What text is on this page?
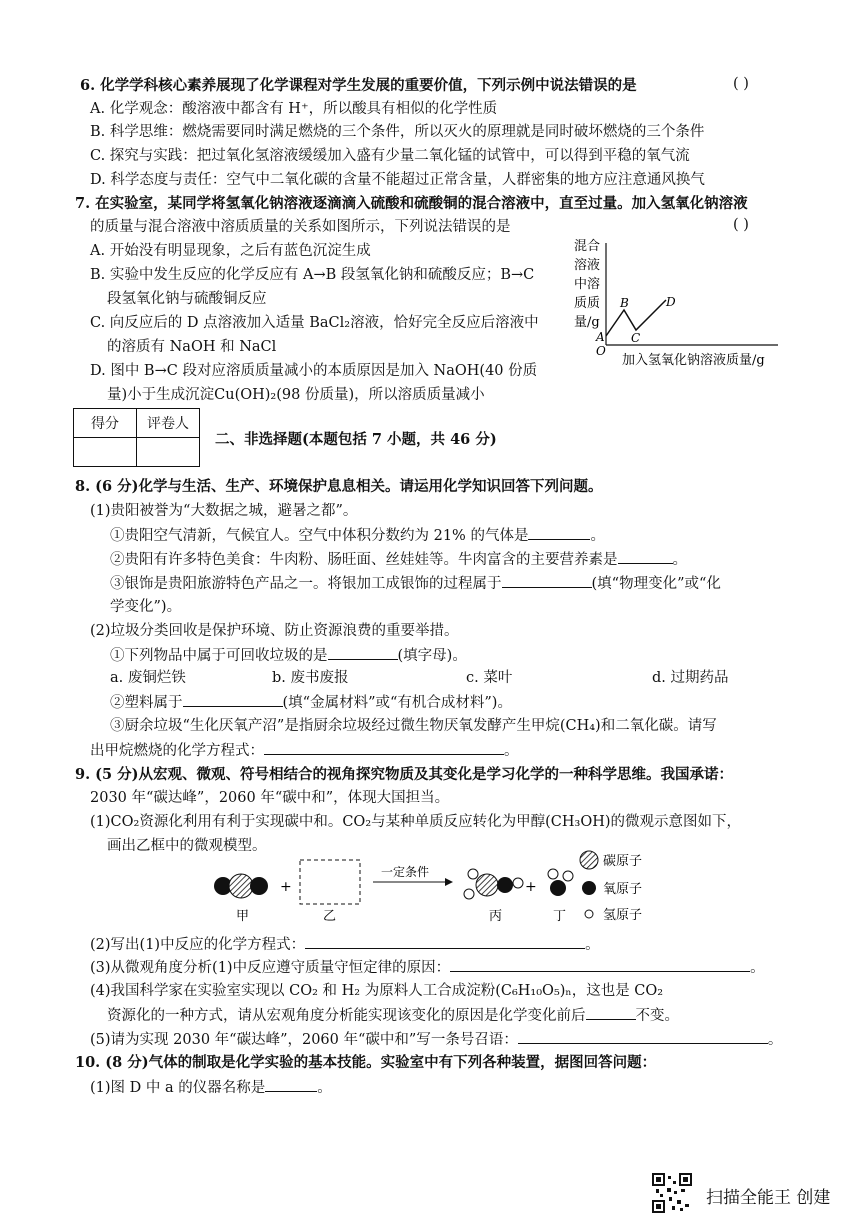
6. 化学学科核心素养展现了化学课程对学生发展的重要价值，下列示例中说法错误的是	( )
A. 化学观念：酸溶液中都含有 H⁺，所以酸具有相似的化学性质
B. 科学思维：燃烧需要同时满足燃烧的三个条件，所以灭火的原理就是同时破坏燃烧的三个条件
C. 探究与实践：把过氧化氢溶液缓缓加入盛有少量二氧化锰的试管中，可以得到平稳的氧气流
D. 科学态度与责任：空气中二氧化碳的含量不能超过正常含量，人群密集的地方应注意通风换气
7. 在实验室，某同学将氢氧化钠溶液逐滴滴入硫酸和硫酸铜的混合溶液中，直至过量。加入氢氧化钠溶液
的质量与混合溶液中溶质质量的关系如图所示，下列说法错误的是	( )
A. 开始没有明显现象，之后有蓝色沉淀生成
B. 实验中发生反应的化学反应有 A→B 段氢氧化钠和硫酸反应；B→C
段氢氧化钠与硫酸铜反应
C. 向反应后的 D 点溶液加入适量 BaCl₂溶液，恰好完全反应后溶液中
的溶质有 NaOH 和 NaCl
D. 图中 B→C 段对应溶质质量减小的本质原因是加入 NaOH(40 份质
量)小于生成沉淀Cu(OH)₂(98 份质量)，所以溶质质量减小
混合
溶液
中溶
质质
量/g
A
B
C
D
O
加入氢氧化钠溶液质量/g
得分	评卷人

二、非选择题(本题包括 7 小题，共 46 分)
8. (6 分)化学与生活、生产、环境保护息息相关。请运用化学知识回答下列问题。
(1)贵阳被誉为“大数据之城，避暑之都”。
①贵阳空气清新，气候宜人。空气中体积分数约为 21% 的气体是	。
②贵阳有许多特色美食：牛肉粉、肠旺面、丝娃娃等。牛肉富含的主要营养素是	。
③银饰是贵阳旅游特色产品之一。将银加工成银饰的过程属于	(填“物理变化”或“化
学变化”)。
(2)垃圾分类回收是保护环境、防止资源浪费的重要举措。
①下列物品中属于可回收垃圾的是	(填字母)。
a. 废铜烂铁	b. 废书废报	c. 菜叶	d. 过期药品
②塑料属于	(填“金属材料”或“有机合成材料”)。
③厨余垃圾“生化厌氧产沼”是指厨余垃圾经过微生物厌氧发酵产生甲烷(CH₄)和二氧化碳。请写
出甲烷燃烧的化学方程式：	。
9. (5 分)从宏观、微观、符号相结合的视角探究物质及其变化是学习化学的一种科学思维。我国承诺：
2030 年“碳达峰”，2060 年“碳中和”，体现大国担当。
(1)CO₂资源化利用有利于实现碳中和。CO₂与某种单质反应转化为甲醇(CH₃OH)的微观示意图如下，
画出乙框中的微观模型。
甲
+
乙
一定条件
丙
+
丁
碳原子
氧原子
氢原子
(2)写出(1)中反应的化学方程式：	。
(3)从微观角度分析(1)中反应遵守质量守恒定律的原因：	。
(4)我国科学家在实验室实现以 CO₂ 和 H₂ 为原料人工合成淀粉(C₆H₁₀O₅)ₙ，这也是 CO₂
资源化的一种方式，请从宏观角度分析能实现该变化的原因是化学变化前后	不变。
(5)请为实现 2030 年“碳达峰”，2060 年“碳中和”写一条号召语：	。
10. (8 分)气体的制取是化学实验的基本技能。实验室中有下列各种装置，据图回答问题：
(1)图 D 中 a 的仪器名称是	。
扫描全能王 创建
